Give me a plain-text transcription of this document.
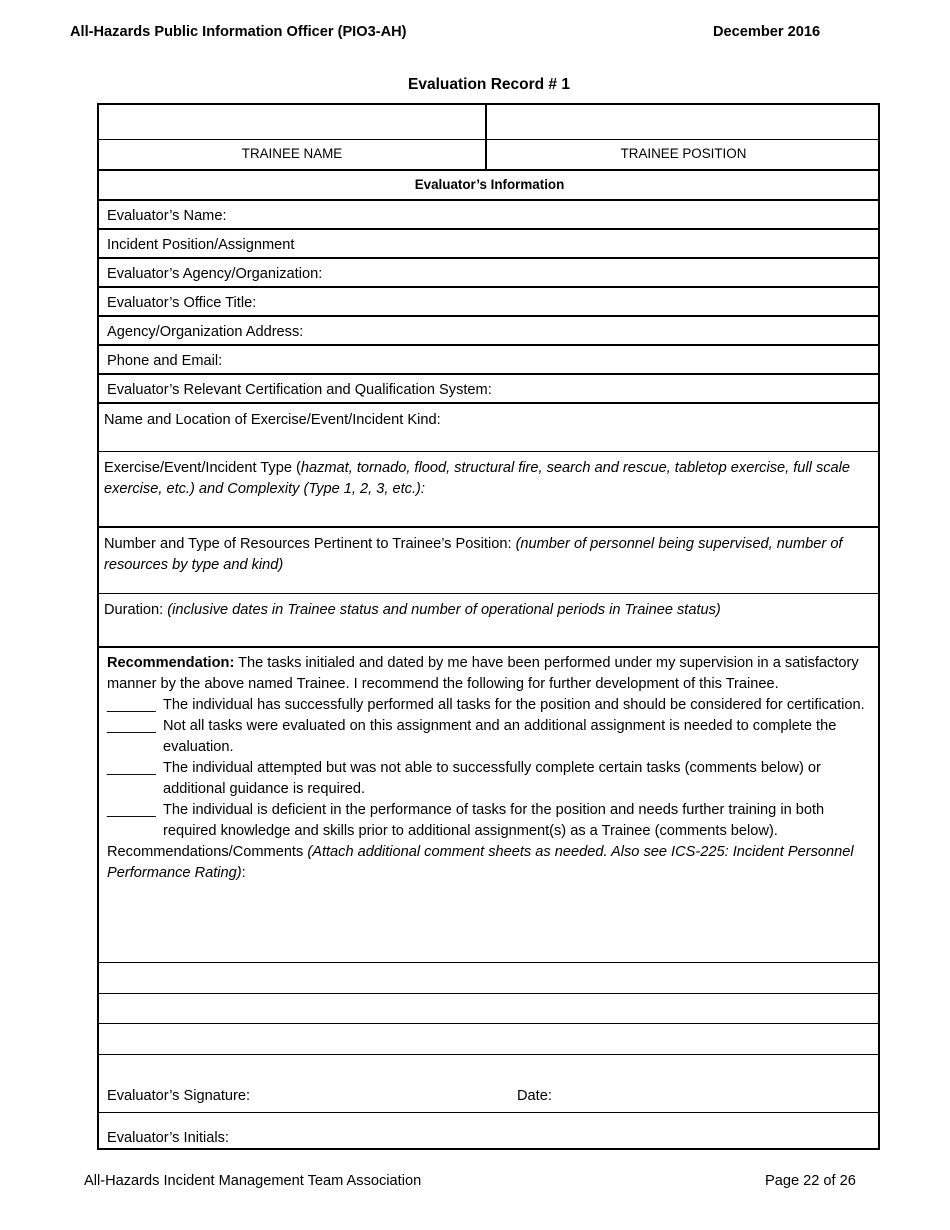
All-Hazards Public Information Officer (PIO3-AH)	December 2016
Evaluation Record # 1
TRAINEE NAME	TRAINEE POSITION
Evaluator’s Information
Evaluator’s Name:
Incident Position/Assignment
Evaluator’s Agency/Organization:
Evaluator’s Office Title:
Agency/Organization Address:
Phone and Email:
Evaluator’s Relevant Certification and Qualification System:
Name and Location of Exercise/Event/Incident Kind:
Exercise/Event/Incident Type (hazmat, tornado, flood, structural fire, search and rescue, tabletop exercise, full scale exercise, etc.) and Complexity (Type 1, 2, 3, etc.):
Number and Type of Resources Pertinent to Trainee’s Position: (number of personnel being supervised, number of resources by type and kind)
Duration: (inclusive dates in Trainee status and number of operational periods in Trainee status)
Recommendation: The tasks initialed and dated by me have been performed under my supervision in a satisfactory manner by the above named Trainee. I recommend the following for further development of this Trainee.
______ The individual has successfully performed all tasks for the position and should be considered for certification.
______ Not all tasks were evaluated on this assignment and an additional assignment is needed to complete the evaluation.
______ The individual attempted but was not able to successfully complete certain tasks (comments below) or additional guidance is required.
______ The individual is deficient in the performance of tasks for the position and needs further training in both required knowledge and skills prior to additional assignment(s) as a Trainee (comments below).
Recommendations/Comments (Attach additional comment sheets as needed. Also see ICS-225: Incident Personnel Performance Rating):
Evaluator’s Signature:	Date:
Evaluator’s Initials:
All-Hazards Incident Management Team Association	Page 22 of 26
